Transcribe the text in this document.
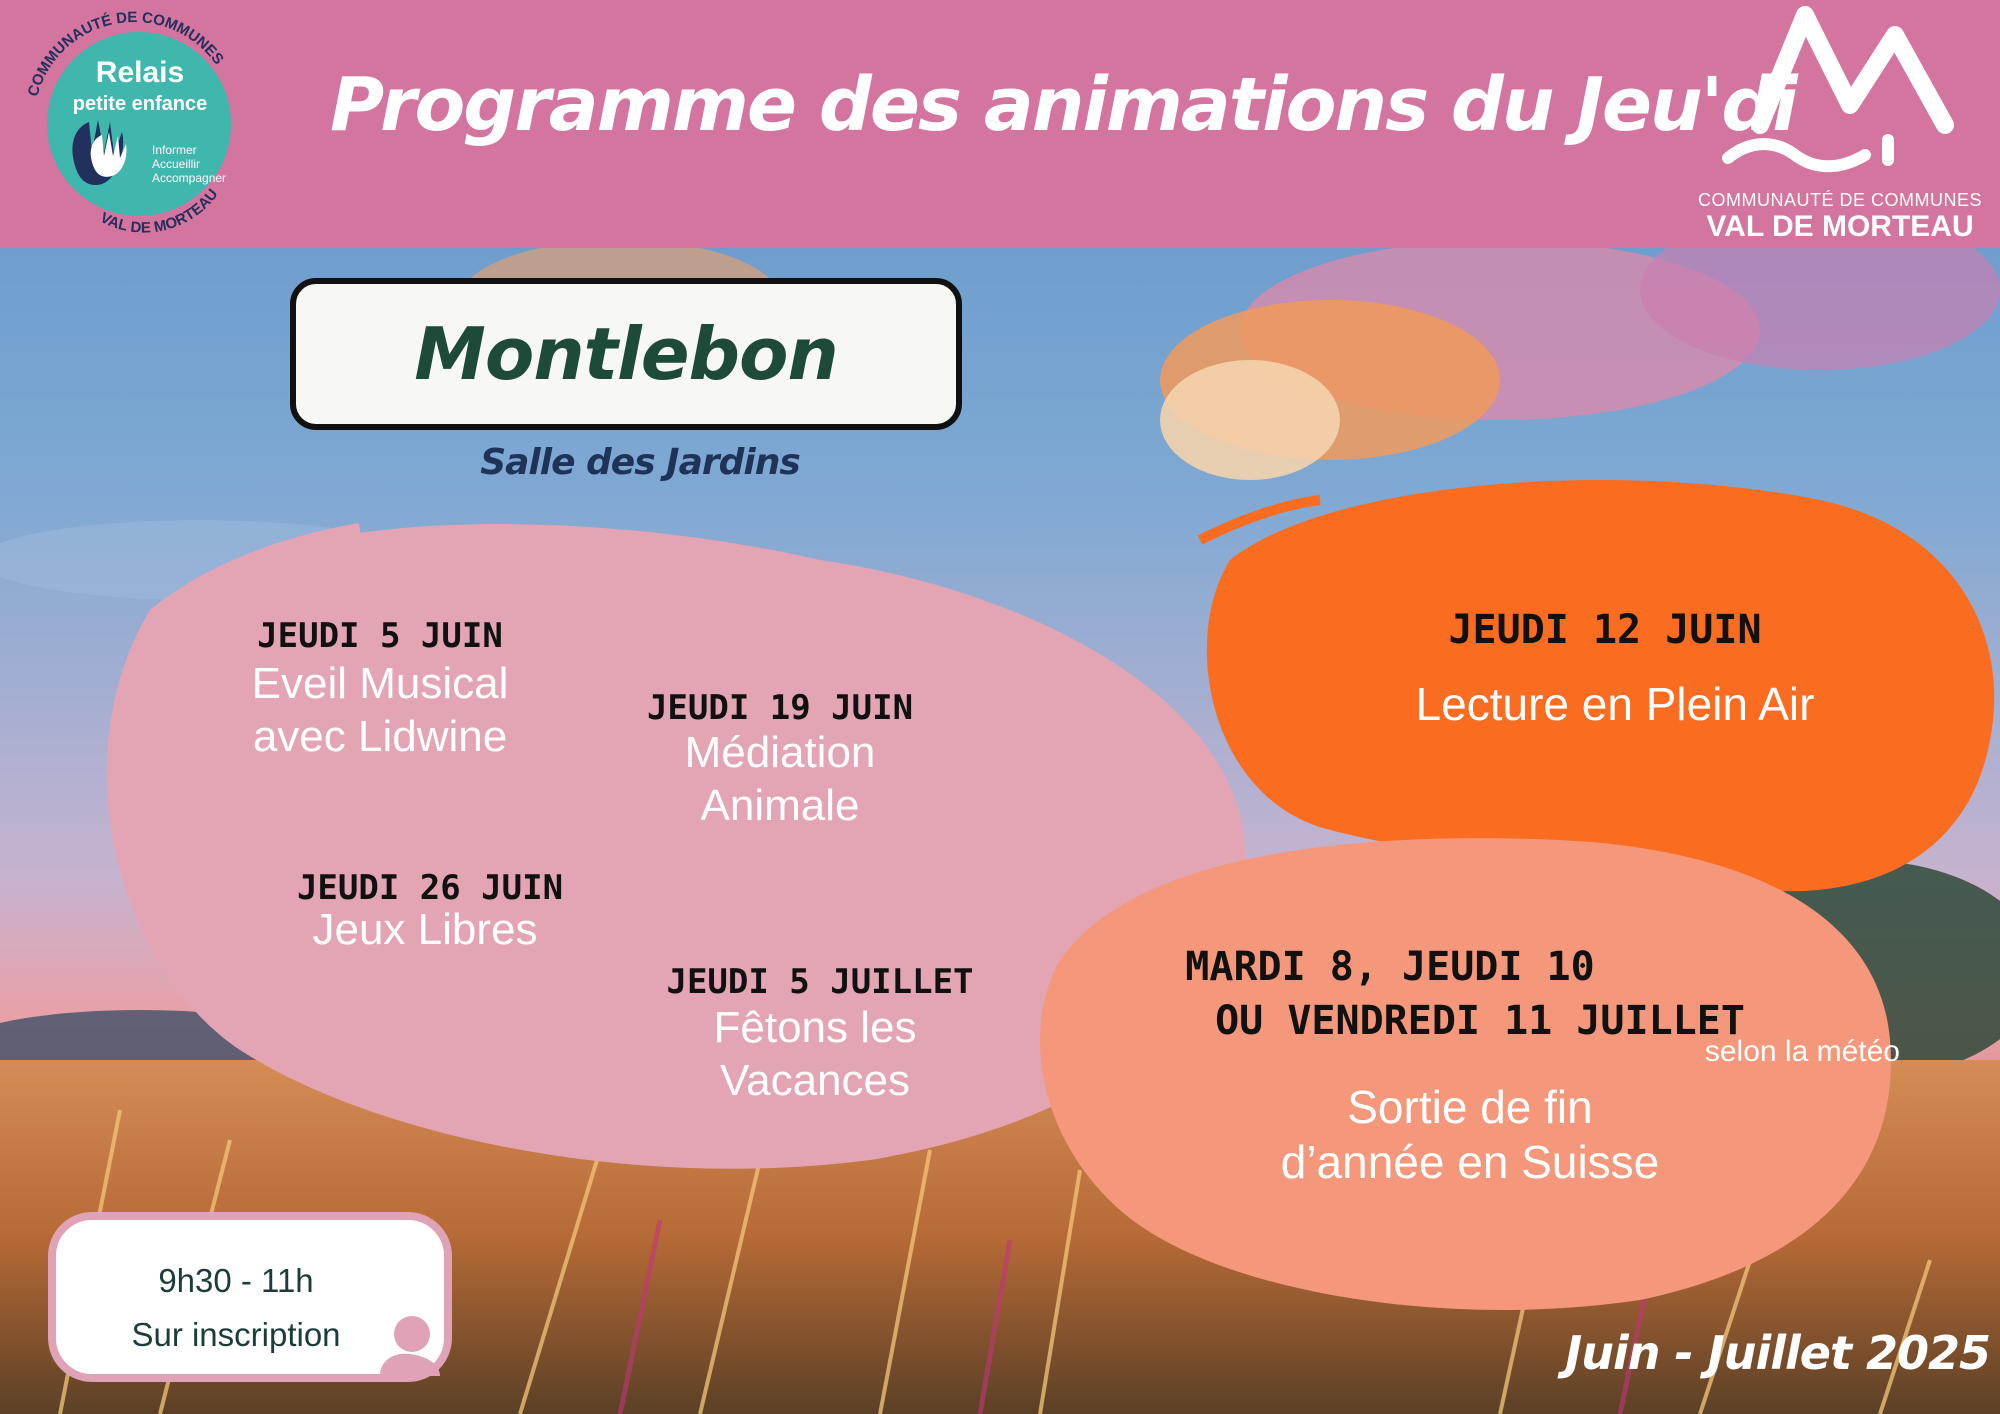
Programme des animations du Jeu'di
COMMUNAUTÉ DE COMMUNES
VAL DE MORTEAU
Relais
petite enfance
Informer
Accueillir
Accompagner
COMMUNAUTÉ DE COMMUNES
VAL DE MORTEAU
Montlebon
Salle des Jardins
JEUDI 5 JUIN
Eveil Musical
avec Lidwine
JEUDI 19 JUIN
Médiation
Animale
JEUDI 26 JUIN
Jeux Libres
JEUDI 5 JUILLET
Fêtons les
Vacances
JEUDI 12 JUIN
Lecture en Plein Air
MARDI 8, JEUDI 10
OU VENDREDI 11 JUILLET
selon la météo
Sortie de fin
d’année en Suisse
9h30 - 11h
Sur inscription	Juin - Juillet 2025
